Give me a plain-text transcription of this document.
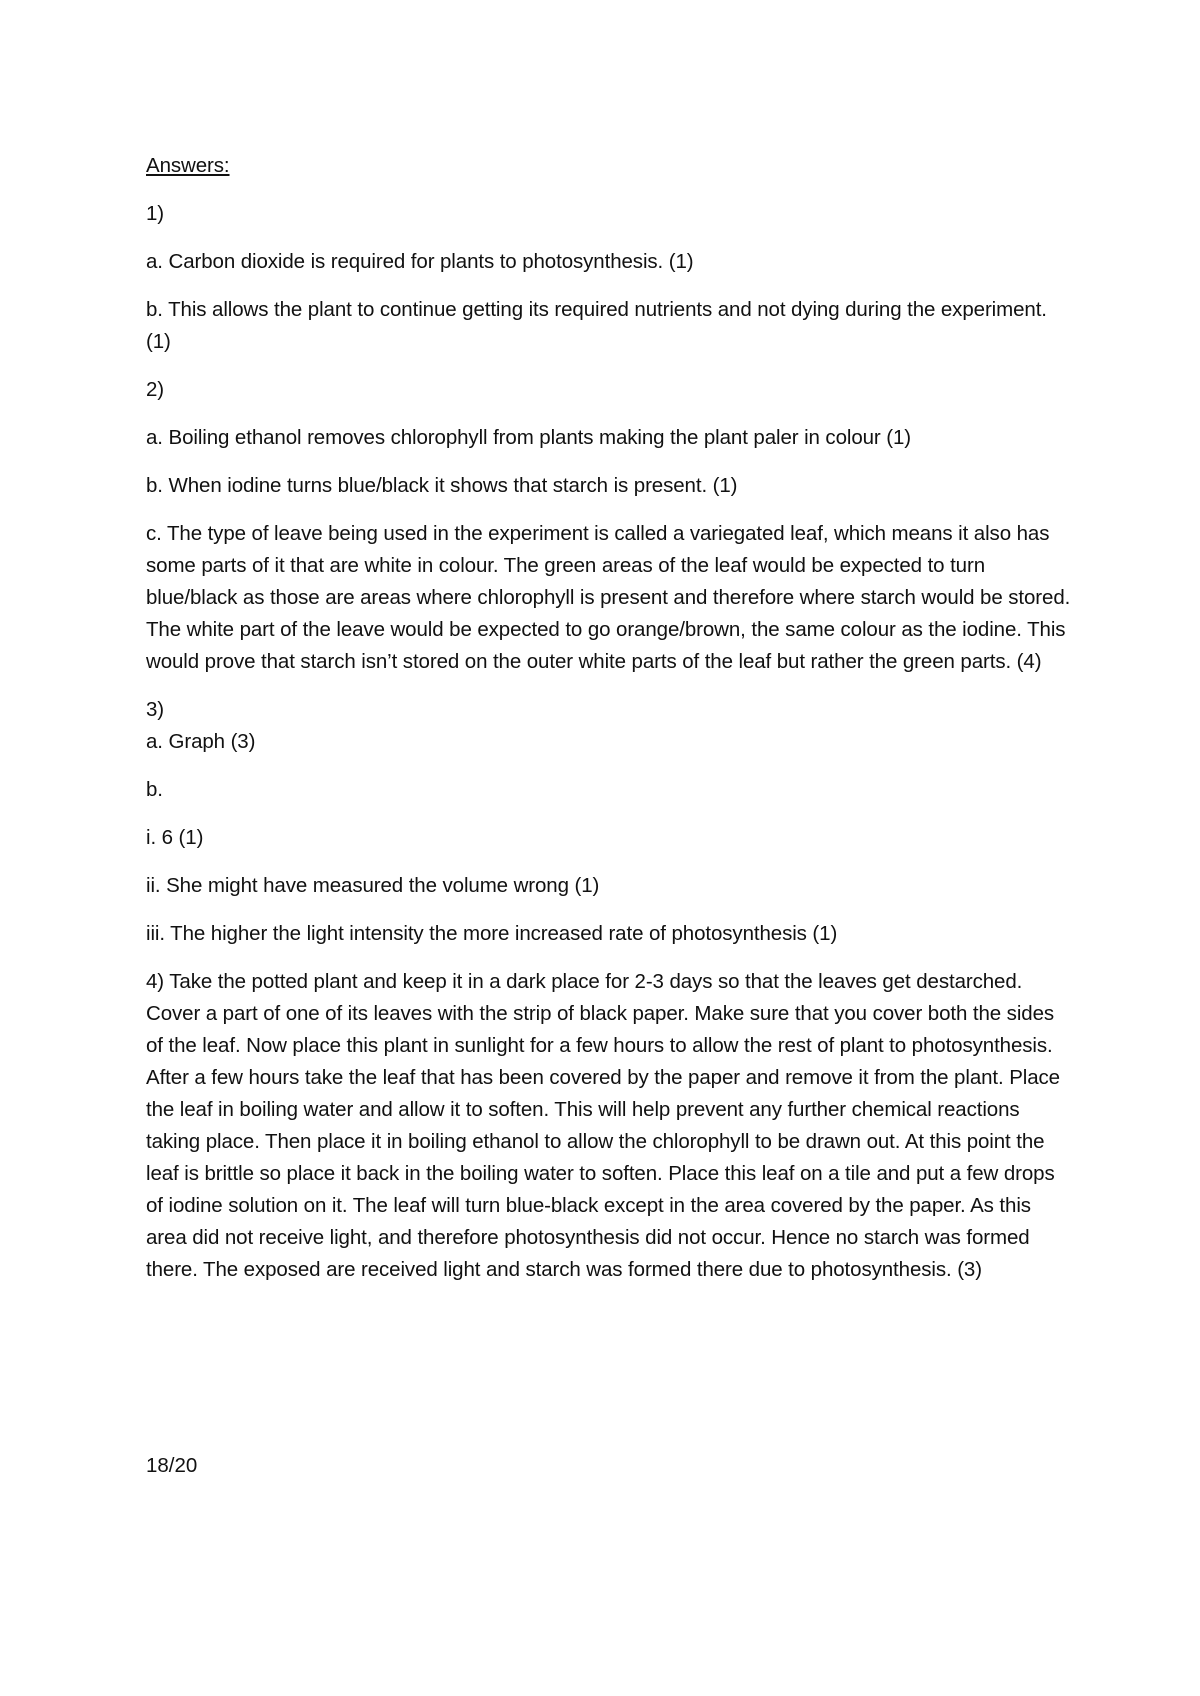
Answers:

1)

a. Carbon dioxide is required for plants to photosynthesis. (1)

b. This allows the plant to continue getting its required nutrients and not dying during the experiment. (1)

2)

a. Boiling ethanol removes chlorophyll from plants making the plant paler in colour (1)

b. When iodine turns blue/black it shows that starch is present. (1)

c. The type of leave being used in the experiment is called a variegated leaf, which means it also has some parts of it that are white in colour. The green areas of the leaf would be expected to turn blue/black as those are areas where chlorophyll is present and therefore where starch would be stored. The white part of the leave would be expected to go orange/brown, the same colour as the iodine. This would prove that starch isn’t stored on the outer white parts of the leaf but rather the green parts. (4)

3)

a. Graph (3)

b.

i. 6 (1)

ii. She might have measured the volume wrong (1)

iii. The higher the light intensity the more increased rate of photosynthesis (1)

4) Take the potted plant and keep it in a dark place for 2-3 days so that the leaves get destarched. Cover a part of one of its leaves with the strip of black paper. Make sure that you cover both the sides of the leaf. Now place this plant in sunlight for a few hours to allow the rest of plant to photosynthesis. After a few hours take the leaf that has been covered by the paper and remove it from the plant. Place the leaf in boiling water and allow it to soften. This will help prevent any further chemical reactions taking place. Then place it in boiling ethanol to allow the chlorophyll to be drawn out. At this point the leaf is brittle so place it back in the boiling water to soften. Place this leaf on a tile and put a few drops of iodine solution on it. The leaf will turn blue-black except in the area covered by the paper. As this area did not receive light, and therefore photosynthesis did not occur. Hence no starch was formed there. The exposed are received light and starch was formed there due to photosynthesis. (3)

18/20
